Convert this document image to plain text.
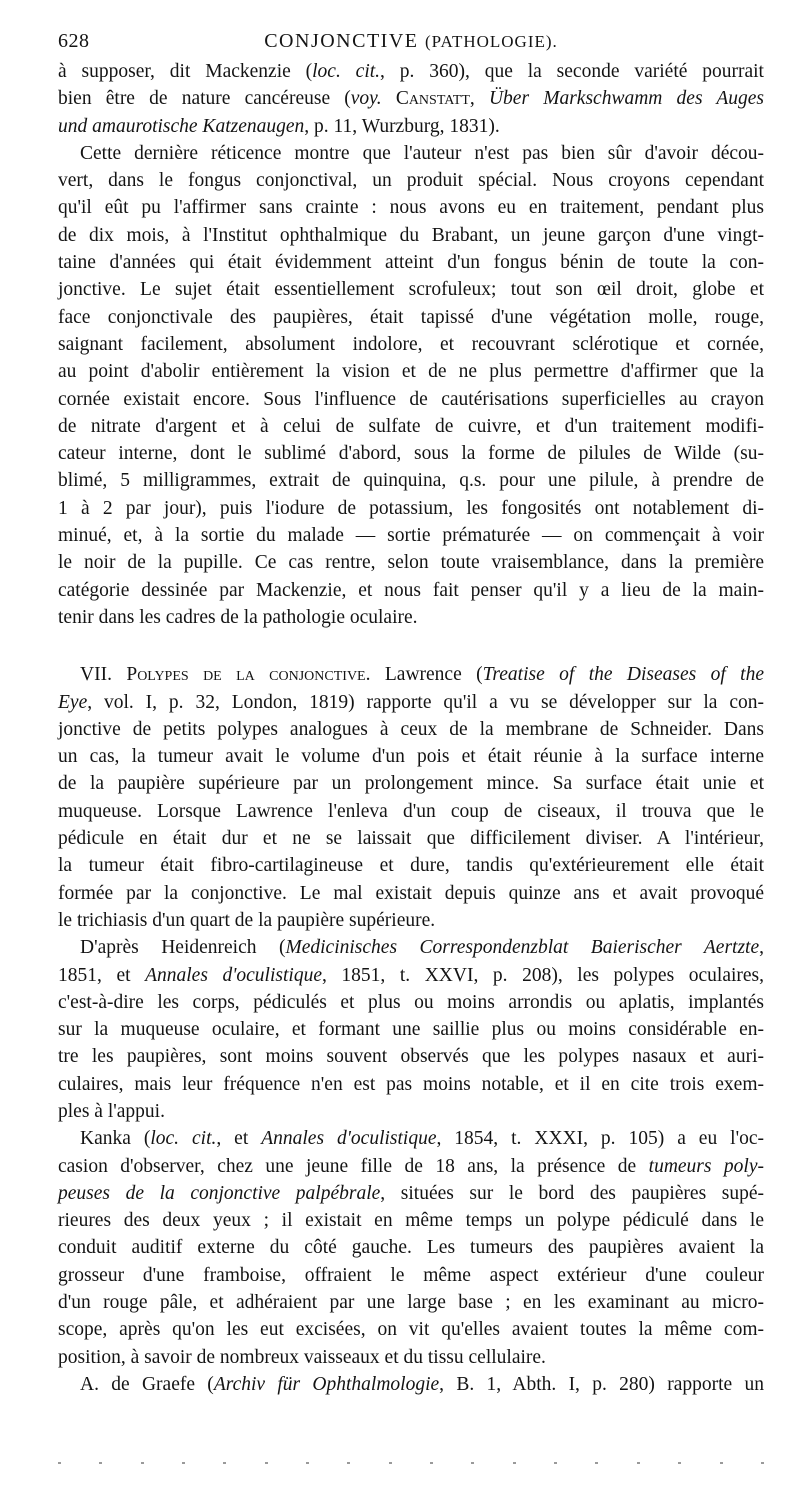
628	CONJONCTIVE (PATHOLOGIE).
à supposer, dit Mackenzie (loc. cit., p. 360), que la seconde variété pourrait
bien être de nature cancéreuse (voy. Canstatt, Über Markschwamm des Auges
und amaurotische Katzenaugen, p. 11, Wurzburg, 1831).
Cette dernière réticence montre que l'auteur n'est pas bien sûr d'avoir décou-
vert, dans le fongus conjonctival, un produit spécial. Nous croyons cependant
qu'il eût pu l'affirmer sans crainte : nous avons eu en traitement, pendant plus
de dix mois, à l'Institut ophthalmique du Brabant, un jeune garçon d'une vingt-
taine d'années qui était évidemment atteint d'un fongus bénin de toute la con-
jonctive. Le sujet était essentiellement scrofuleux; tout son œil droit, globe et
face conjonctivale des paupières, était tapissé d'une végétation molle, rouge,
saignant facilement, absolument indolore, et recouvrant sclérotique et cornée,
au point d'abolir entièrement la vision et de ne plus permettre d'affirmer que la
cornée existait encore. Sous l'influence de cautérisations superficielles au crayon
de nitrate d'argent et à celui de sulfate de cuivre, et d'un traitement modifi-
cateur interne, dont le sublimé d'abord, sous la forme de pilules de Wilde (su-
blimé, 5 milligrammes, extrait de quinquina, q.s. pour une pilule, à prendre de
1 à 2 par jour), puis l'iodure de potassium, les fongosités ont notablement di-
minué, et, à la sortie du malade — sortie prématurée — on commençait à voir
le noir de la pupille. Ce cas rentre, selon toute vraisemblance, dans la première
catégorie dessinée par Mackenzie, et nous fait penser qu'il y a lieu de la main-
tenir dans les cadres de la pathologie oculaire.
VII. Polypes de la conjonctive. Lawrence (Treatise of the Diseases of the
Eye, vol. I, p. 32, London, 1819) rapporte qu'il a vu se développer sur la con-
jonctive de petits polypes analogues à ceux de la membrane de Schneider. Dans
un cas, la tumeur avait le volume d'un pois et était réunie à la surface interne
de la paupière supérieure par un prolongement mince. Sa surface était unie et
muqueuse. Lorsque Lawrence l'enleva d'un coup de ciseaux, il trouva que le
pédicule en était dur et ne se laissait que difficilement diviser. A l'intérieur,
la tumeur était fibro-cartilagineuse et dure, tandis qu'extérieurement elle était
formée par la conjonctive. Le mal existait depuis quinze ans et avait provoqué
le trichiasis d'un quart de la paupière supérieure.
D'après Heidenreich (Medicinisches Correspondenzblat Baierischer Aertzte,
1851, et Annales d'oculistique, 1851, t. XXVI, p. 208), les polypes oculaires,
c'est-à-dire les corps, pédiculés et plus ou moins arrondis ou aplatis, implantés
sur la muqueuse oculaire, et formant une saillie plus ou moins considérable en-
tre les paupières, sont moins souvent observés que les polypes nasaux et auri-
culaires, mais leur fréquence n'en est pas moins notable, et il en cite trois exem-
ples à l'appui.
Kanka (loc. cit., et Annales d'oculistique, 1854, t. XXXI, p. 105) a eu l'oc-
casion d'observer, chez une jeune fille de 18 ans, la présence de tumeurs poly-
peuses de la conjonctive palpébrale, situées sur le bord des paupières supé-
rieures des deux yeux ; il existait en même temps un polype pédiculé dans le
conduit auditif externe du côté gauche. Les tumeurs des paupières avaient la
grosseur d'une framboise, offraient le même aspect extérieur d'une couleur
d'un rouge pâle, et adhéraient par une large base ; en les examinant au micro-
scope, après qu'on les eut excisées, on vit qu'elles avaient toutes la même com-
position, à savoir de nombreux vaisseaux et du tissu cellulaire.
A. de Graefe (Archiv für Ophthalmologie, B. 1, Abth. I, p. 280) rapporte un
